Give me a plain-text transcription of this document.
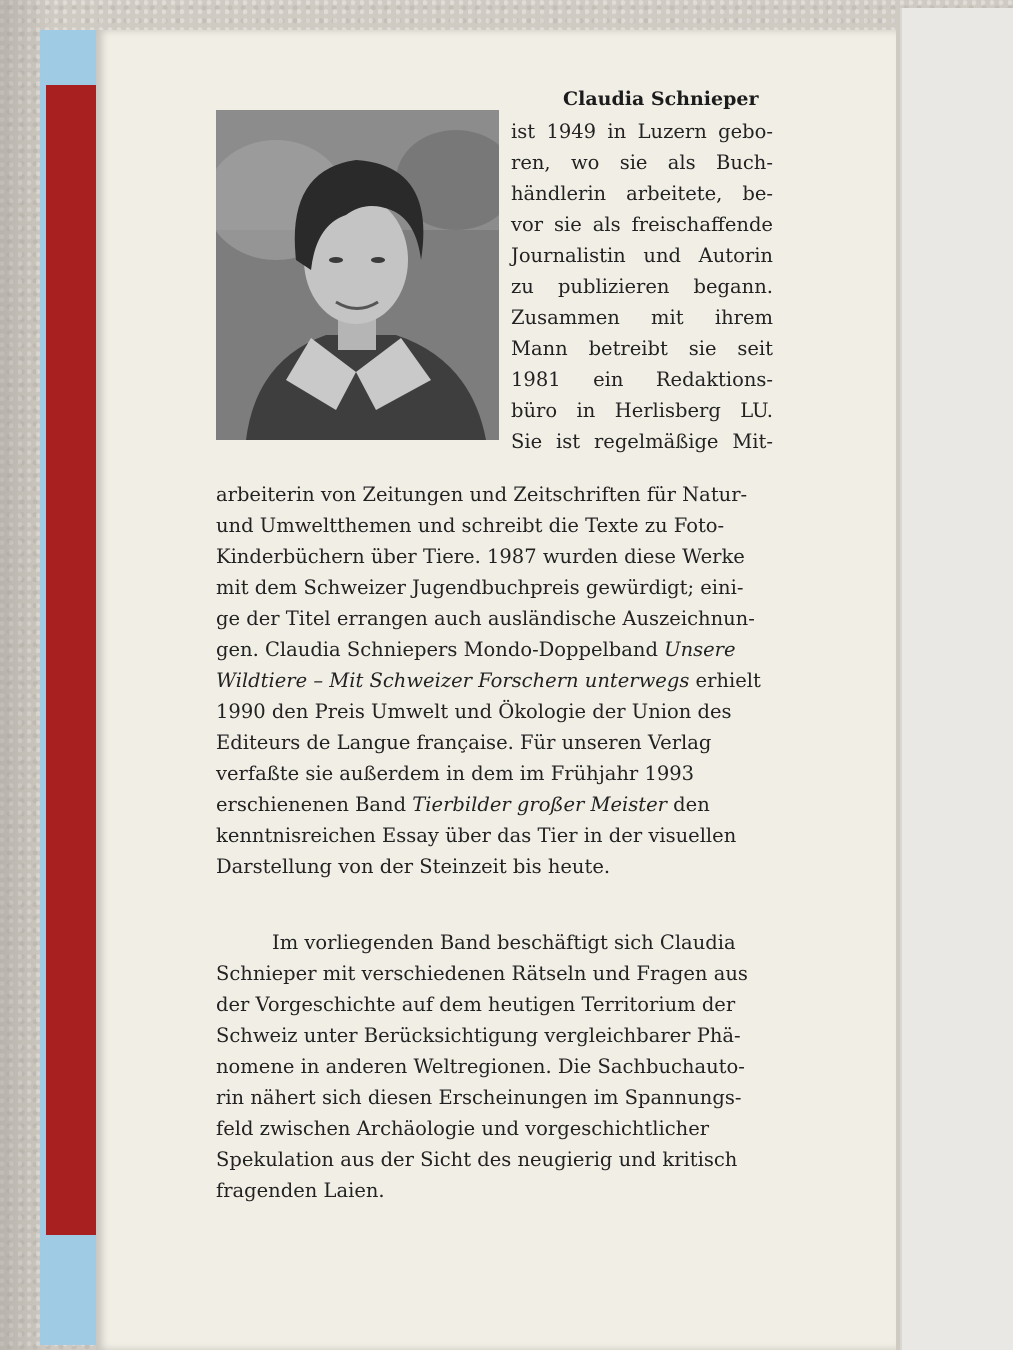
Claudia Schnieper
ist 1949 in Luzern gebo-
ren, wo sie als Buch-
händlerin arbeitete, be-
vor sie als freischaffende
Journalistin und Autorin
zu publizieren begann.
Zusammen mit ihrem
Mann betreibt sie seit
1981 ein Redaktions-
büro in Herlisberg LU.
Sie ist regelmäßige Mit-
arbeiterin von Zeitungen und Zeitschriften für Natur-
und Umweltthemen und schreibt die Texte zu Foto-
Kinderbüchern über Tiere. 1987 wurden diese Werke
mit dem Schweizer Jugendbuchpreis gewürdigt; eini-
ge der Titel errangen auch ausländische Auszeichnun-
gen. Claudia Schniepers Mondo-Doppelband Unsere
Wildtiere – Mit Schweizer Forschern unterwegs erhielt
1990 den Preis Umwelt und Ökologie der Union des
Editeurs de Langue française. Für unseren Verlag
verfaßte sie außerdem in dem im Frühjahr 1993
erschienenen Band Tierbilder großer Meister den
kenntnisreichen Essay über das Tier in der visuellen
Darstellung von der Steinzeit bis heute.
Im vorliegenden Band beschäftigt sich Claudia
Schnieper mit verschiedenen Rätseln und Fragen aus
der Vorgeschichte auf dem heutigen Territorium der
Schweiz unter Berücksichtigung vergleichbarer Phä-
nomene in anderen Weltregionen. Die Sachbuchauto-
rin nähert sich diesen Erscheinungen im Spannungs-
feld zwischen Archäologie und vorgeschichtlicher
Spekulation aus der Sicht des neugierig und kritisch
fragenden Laien.
